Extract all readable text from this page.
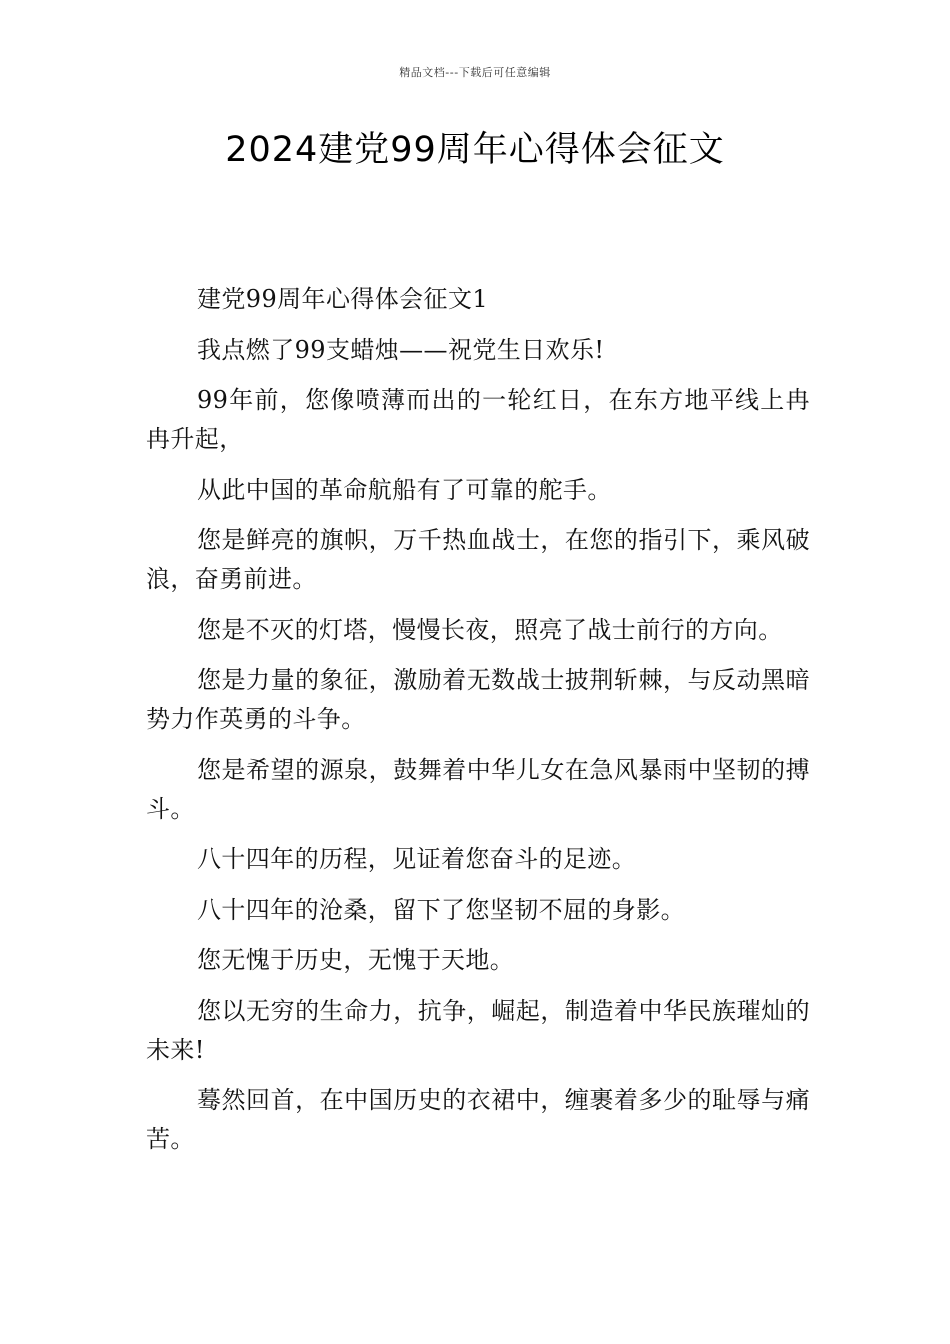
精品文档---下载后可任意编辑
2024建党99周年心得体会征文

建党99周年心得体会征文1

我点燃了99支蜡烛——祝党生日欢乐!

99年前，您像喷薄而出的一轮红日，在东方地平线上冉冉升起，

从此中国的革命航船有了可靠的舵手。

您是鲜亮的旗帜，万千热血战士，在您的指引下，乘风破浪，奋勇前进。

您是不灭的灯塔，慢慢长夜，照亮了战士前行的方向。

您是力量的象征，激励着无数战士披荆斩棘，与反动黑暗势力作英勇的斗争。

您是希望的源泉，鼓舞着中华儿女在急风暴雨中坚韧的搏斗。

八十四年的历程，见证着您奋斗的足迹。

八十四年的沧桑，留下了您坚韧不屈的身影。

您无愧于历史，无愧于天地。

您以无穷的生命力，抗争，崛起，制造着中华民族璀灿的未来!

蓦然回首，在中国历史的衣裙中，缠裹着多少的耻辱与痛苦。
